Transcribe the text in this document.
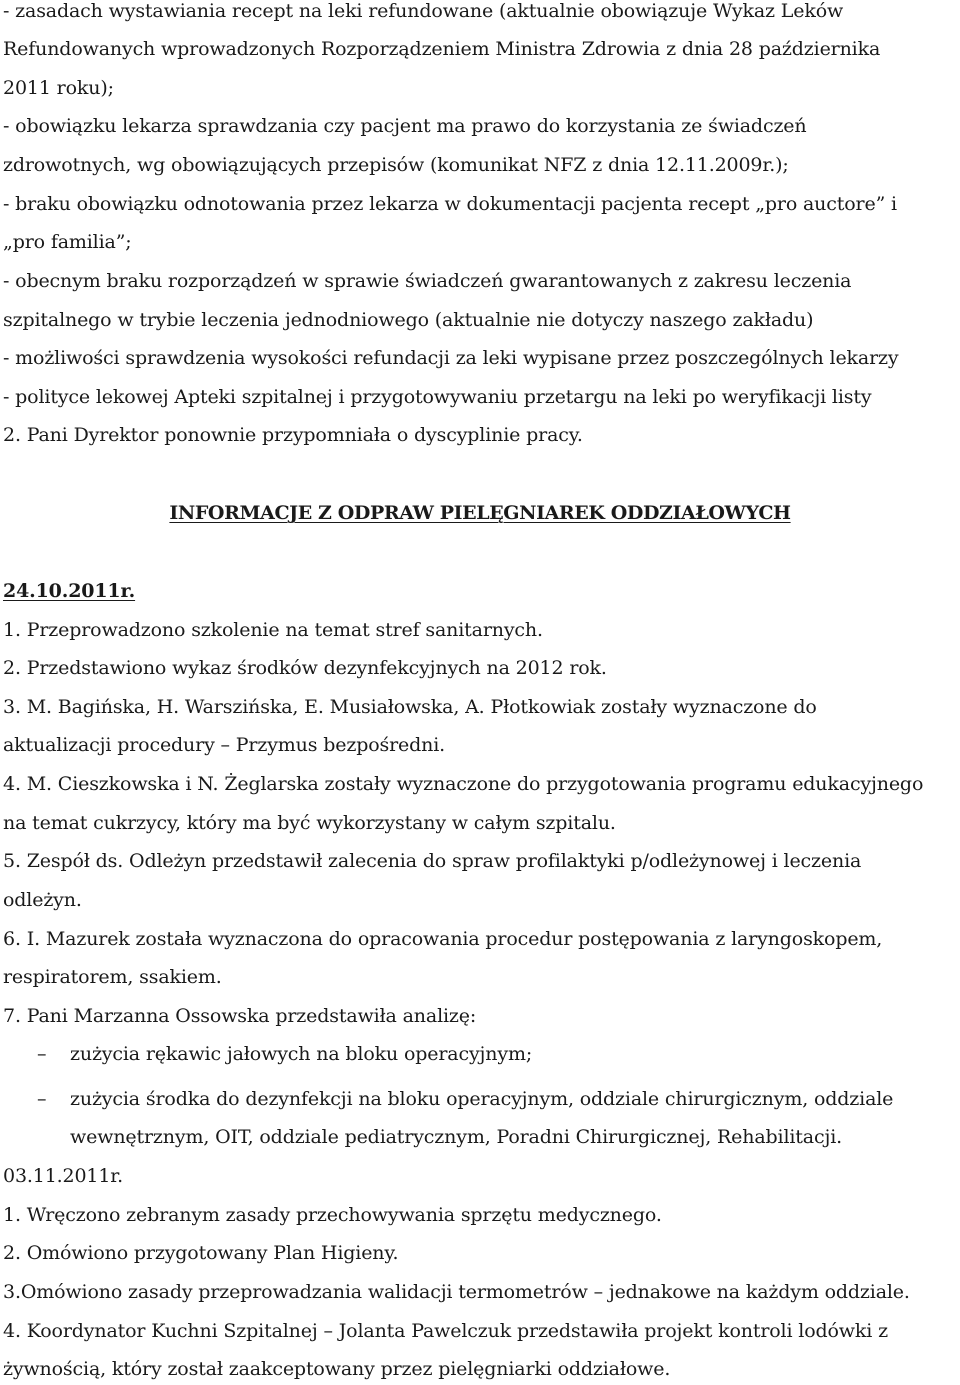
- zasadach wystawiania recept na leki refundowane (aktualnie obowiązuje Wykaz Leków
Refundowanych wprowadzonych Rozporządzeniem Ministra Zdrowia z dnia 28 października
2011 roku);
- obowiązku lekarza sprawdzania czy pacjent ma prawo do korzystania ze świadczeń
zdrowotnych, wg obowiązujących przepisów (komunikat NFZ z dnia 12.11.2009r.);
- braku obowiązku odnotowania przez lekarza w dokumentacji pacjenta recept „pro auctore” i
„pro familia”;
- obecnym braku rozporządzeń w sprawie świadczeń gwarantowanych z zakresu leczenia
szpitalnego w trybie leczenia jednodniowego (aktualnie nie dotyczy naszego zakładu)
- możliwości sprawdzenia wysokości refundacji za leki wypisane przez poszczególnych lekarzy
- polityce lekowej Apteki szpitalnej i przygotowywaniu przetargu na leki po weryfikacji listy
2. Pani Dyrektor ponownie przypomniała o dyscyplinie pracy.
INFORMACJE Z ODPRAW PIELĘGNIAREK ODDZIAŁOWYCH
24.10.2011r.
1. Przeprowadzono szkolenie na temat stref sanitarnych.
2. Przedstawiono wykaz środków dezynfekcyjnych na 2012 rok.
3. M. Bagińska, H. Warszińska, E. Musiałowska, A. Płotkowiak zostały wyznaczone do
aktualizacji procedury – Przymus bezpośredni.
4. M. Cieszkowska i N. Żeglarska zostały wyznaczone do przygotowania programu edukacyjnego
na temat cukrzycy, który ma być wykorzystany w całym szpitalu.
5. Zespół ds. Odleżyn przedstawił zalecenia do spraw profilaktyki p/odleżynowej i leczenia
odleżyn.
6. I. Mazurek została wyznaczona do opracowania procedur postępowania z laryngoskopem,
respiratorem, ssakiem.
7. Pani Marzanna Ossowska przedstawiła analizę:
– zużycia rękawic jałowych na bloku operacyjnym;
– zużycia środka do dezynfekcji na bloku operacyjnym, oddziale chirurgicznym, oddziale
wewnętrznym, OIT, oddziale pediatrycznym, Poradni Chirurgicznej, Rehabilitacji.
03.11.2011r.
1. Wręczono zebranym zasady przechowywania sprzętu medycznego.
2. Omówiono przygotowany Plan Higieny.
3.Omówiono zasady przeprowadzania walidacji termometrów – jednakowe na każdym oddziale.
4. Koordynator Kuchni Szpitalnej – Jolanta Pawelczuk przedstawiła projekt kontroli lodówki z
żywnością, który został zaakceptowany przez pielęgniarki oddziałowe.
